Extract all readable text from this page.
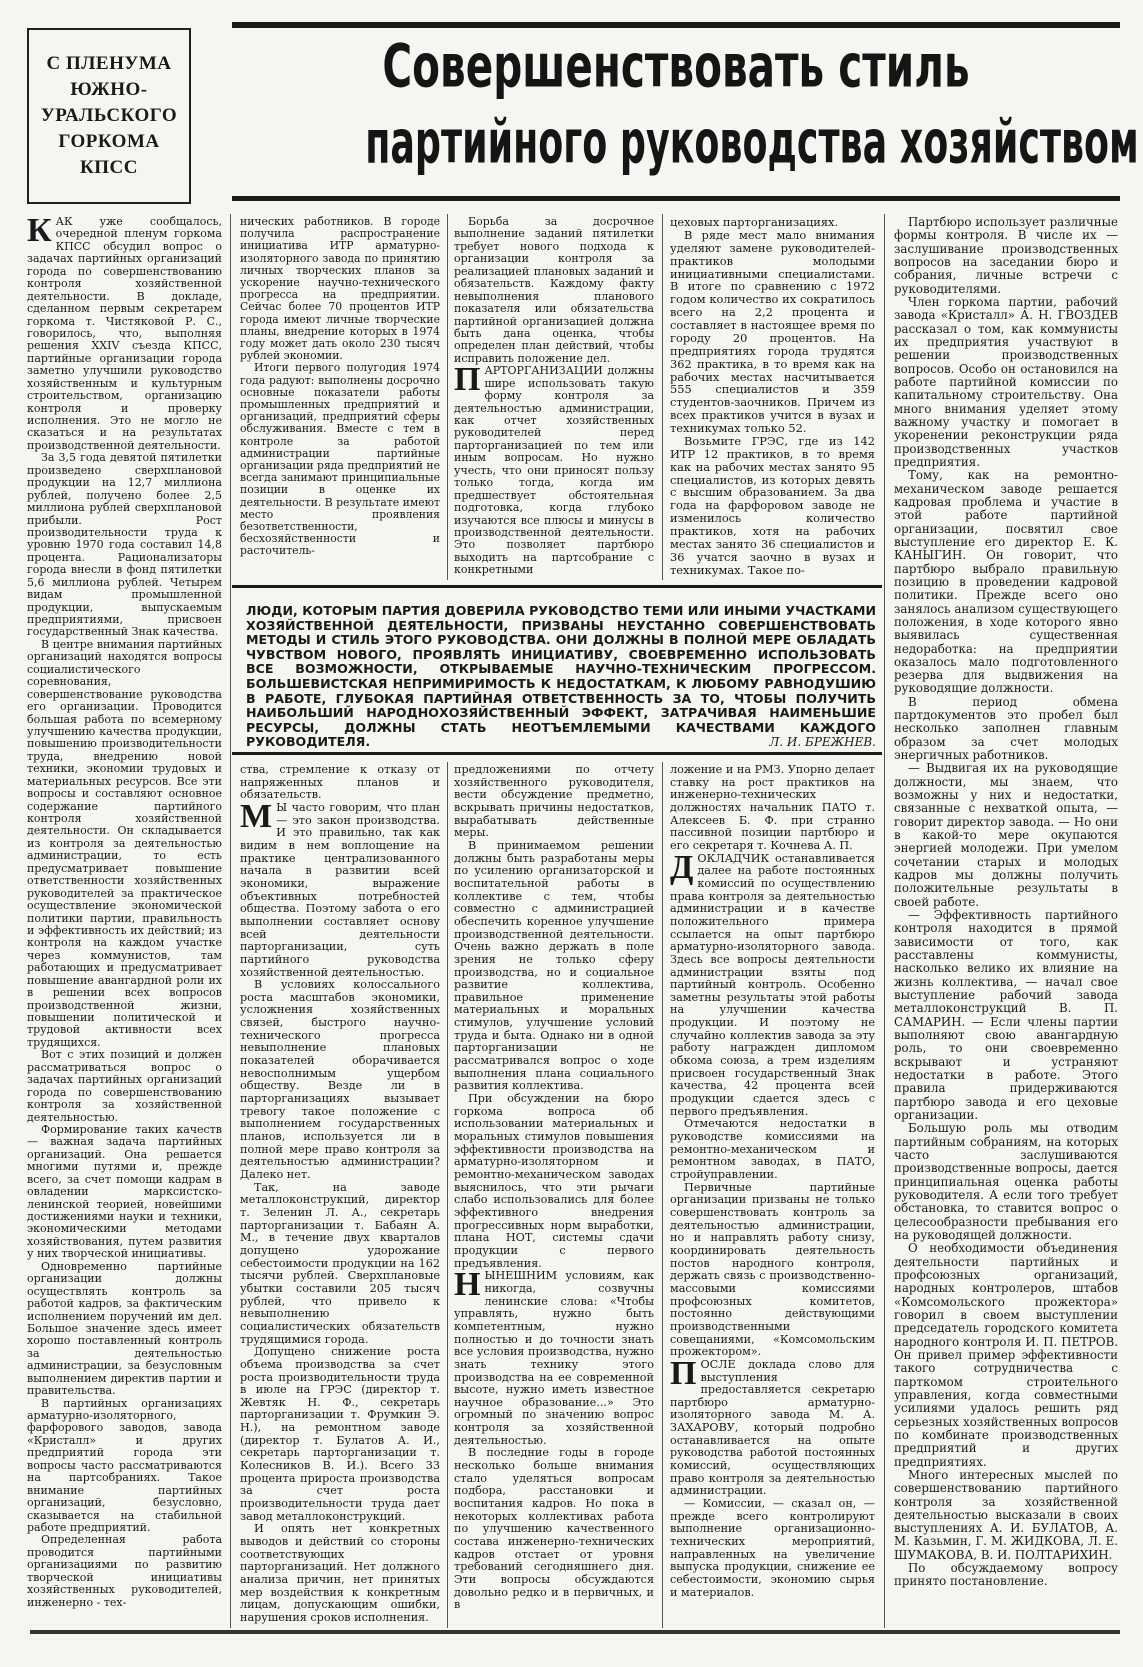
С ПЛЕНУМА
ЮЖНО-
УРАЛЬСКОГО
ГОРКОМА
КПСС
Совершенствовать стиль
партийного руководства хозяйством

КАК уже сообщалось, очередной пленум горкома КПСС обсудил вопрос о задачах партийных организаций города по совершенствованию контроля хозяйственной деятельности. В докладе, сделанном первым секретарем горкома т. Чистяковой Р. С., говорилось, что, выполняя решения XXIV съезда КПСС, партийные организации города заметно улучшили руководство хозяйственным и культурным строительством, организацию контроля и проверку исполнения. Это не могло не сказаться и на результатах производственной деятельности.

За 3,5 года девятой пятилетки произведено сверхплановой продукции на 12,7 миллиона рублей, получено более 2,5 миллиона рублей сверхплановой прибыли. Рост производительности труда к уровню 1970 года составил 14,8 процента. Рационализаторы города внесли в фонд пятилетки 5,6 миллиона рублей. Четырем видам промышленной продукции, выпускаемым предприятиями, присвоен государственный Знак качества.

В центре внимания партийных организаций находятся вопросы социалистического соревнования, совершенствование руководства его организации. Проводится большая работа по всемерному улучшению качества продукции, повышению производительности труда, внедрению новой техники, экономии трудовых и материальных ресурсов. Все эти вопросы и составляют основное содержание партийного контроля хозяйственной деятельности. Он складывается из контроля за деятельностью администрации, то есть предусматривает повышение ответственности хозяйственных руководителей за практическое осуществление экономической политики партии, правильность и эффективность их действий; из контроля на каждом участке через коммунистов, там работающих и предусматривает повышение авангардной роли их в решении всех вопросов производственной жизни, повышении политической и трудовой активности всех трудящихся.

Вот с этих позиций и должен рассматриваться вопрос о задачах партийных организаций города по совершенствованию контроля за хозяйственной деятельностью.

Формирование таких качеств — важная задача партийных организаций. Она решается многими путями и, прежде всего, за счет помощи кадрам в овладении марксистско-ленинской теорией, новейшими достижениями науки и техники, экономическими методами хозяйствования, путем развития у них творческой инициативы.

Одновременно партийные организации должны осуществлять контроль за работой кадров, за фактическим исполнением поручений им дел. Большое значение здесь имеет хорошо поставленный контроль за деятельностью администрации, за безусловным выполнением директив партии и правительства.

В партийных организациях арматурно-изоляторного, фарфорового заводов, завода «Кристалл» и других предприятий города эти вопросы часто рассматриваются на партсобраниях. Такое внимание партийных организаций, безусловно, сказывается на стабильной работе предприятий.

Определенная работа проводится партийными организациями по развитию творческой инициативы хозяйственных руководителей, инженерно - тех-

нических работников. В городе получила распространение инициатива ИТР арматурно-изоляторного завода по принятию личных творческих планов за ускорение научно-технического прогресса на предприятии. Сейчас более 70 процентов ИТР города имеют личные творческие планы, внедрение которых в 1974 году может дать около 230 тысяч рублей экономии.

Итоги первого полугодия 1974 года радуют: выполнены досрочно основные показатели работы промышленных предприятий и организаций, предприятий сферы обслуживания. Вместе с тем в контроле за работой администрации партийные организации ряда предприятий не всегда занимают принципиальные позиции в оценке их деятельности. В результате имеют место проявления безответственности, бесхозяйственности и расточитель-

Борьба за досрочное выполнение заданий пятилетки требует нового подхода к организации контроля за реализацией плановых заданий и обязательств. Каждому факту невыполнения планового показателя или обязательства партийной организацией должна быть дана оценка, чтобы определен план действий, чтобы исправить положение дел.

ПАРТОРГАНИЗАЦИИ должны шире использовать такую форму контроля за деятельностью администрации, как отчет хозяйственных руководителей перед парторганизацией по тем или иным вопросам. Но нужно учесть, что они приносят пользу только тогда, когда им предшествует обстоятельная подготовка, когда глубоко изучаются все плюсы и минусы в производственной деятельности. Это позволяет партбюро выходить на партсобрание с конкретными

цеховых парторганизациях.

В ряде мест мало внимания уделяют замене руководителей-практиков молодыми инициативными специалистами. В итоге по сравнению с 1972 годом количество их сократилось всего на 2,2 процента и составляет в настоящее время по городу 20 процентов. На предприятиях города трудятся 362 практика, в то время как на рабочих местах насчитывается 555 специалистов и 359 студентов-заочников. Причем из всех практиков учится в вузах и техникумах только 52.

Возьмите ГРЭС, где из 142 ИТР 12 практиков, в то время как на рабочих местах занято 95 специалистов, из которых девять с высшим образованием. За два года на фарфоровом заводе не изменилось количество практиков, хотя на рабочих местах занято 36 специалистов и 36 учатся заочно в вузах и техникумах. Такое по-

Партбюро использует различные формы контроля. В числе их — заслушивание производственных вопросов на заседании бюро и собрания, личные встречи с руководителями.

Член горкома партии, рабочий завода «Кристалл» А. Н. ГВОЗДЕВ рассказал о том, как коммунисты их предприятия участвуют в решении производственных вопросов. Особо он остановился на работе партийной комиссии по капитальному строительству. Она много внимания уделяет этому важному участку и помогает в укоренении реконструкции ряда производственных участков предприятия.

Тому, как на ремонтно-механическом заводе решается кадровая проблема и участие в этой работе партийной организации, посвятил свое выступление его директор Е. К. КАНЫГИН. Он говорит, что партбюро выбрало правильную позицию в проведении кадровой политики. Прежде всего оно занялось анализом существующего положения, в ходе которого явно выявилась существенная недоработка: на предприятии оказалось мало подготовленного резерва для выдвижения на руководящие должности.

В период обмена партдокументов это пробел был несколько заполнен главным образом за счет молодых энергичных работников.

— Выдвигая их на руководящие должности, мы знаем, что возможны у них и недостатки, связанные с нехваткой опыта, — говорит директор завода. — Но они в какой-то мере окупаются энергией молодежи. При умелом сочетании старых и молодых кадров мы должны получить положительные результаты в своей работе.

— Эффективность партийного контроля находится в прямой зависимости от того, как расставлены коммунисты, насколько велико их влияние на жизнь коллектива, — начал свое выступление рабочий завода металлоконструкций В. П. САМАРИН. — Если члены партии выполняют свою авангардную роль, то они своевременно вскрывают и устраняют недостатки в работе. Этого правила придерживаются партбюро завода и его цеховые организации.

Большую роль мы отводим партийным собраниям, на которых часто заслушиваются производственные вопросы, дается принципиальная оценка работы руководителя. А если того требует обстановка, то ставится вопрос о целесообразности пребывания его на руководящей должности.

О необходимости объединения деятельности партийных и профсоюзных организаций, народных контролеров, штабов «Комсомольского прожектора» говорил в своем выступлении председатель городского комитета народного контроля И. П. ПЕТРОВ. Он привел пример эффективности такого сотрудничества с парткомом строительного управления, когда совместными усилиями удалось решить ряд серьезных хозяйственных вопросов по комбинате производственных предприятий и других предприятиях.

Много интересных мыслей по совершенствованию партийного контроля за хозяйственной деятельностью высказали в своих выступлениях А. И. БУЛАТОВ, А. М. Казьмин, Г. М. ЖИДКОВА, Л. Е. ШУМАКОВА, В. И. ПОЛТАРИХИН.

По обсуждаемому вопросу принято постановление.

ЛЮДИ, КОТОРЫМ ПАРТИЯ ДОВЕРИЛА РУКОВОДСТВО ТЕМИ ИЛИ ИНЫМИ УЧАСТКАМИ ХОЗЯЙСТВЕННОЙ ДЕЯТЕЛЬНОСТИ, ПРИЗВАНЫ НЕУСТАННО СОВЕРШЕНСТВОВАТЬ МЕТОДЫ И СТИЛЬ ЭТОГО РУКОВОДСТВА. ОНИ ДОЛЖНЫ В ПОЛНОЙ МЕРЕ ОБЛАДАТЬ ЧУВСТВОМ НОВОГО, ПРОЯВЛЯТЬ ИНИЦИАТИВУ, СВОЕВРЕМЕННО ИСПОЛЬЗОВАТЬ ВСЕ ВОЗМОЖНОСТИ, ОТКРЫВАЕМЫЕ НАУЧНО-ТЕХНИЧЕСКИМ ПРОГРЕССОМ. БОЛЬШЕВИСТСКАЯ НЕПРИМИРИМОСТЬ К НЕДОСТАТКАМ, К ЛЮБОМУ РАВНОДУШИЮ В РАБОТЕ, ГЛУБОКАЯ ПАРТИЙНАЯ ОТВЕТСТВЕННОСТЬ ЗА ТО, ЧТОБЫ ПОЛУЧИТЬ НАИБОЛЬШИЙ НАРОДНОХОЗЯЙСТВЕННЫЙ ЭФФЕКТ, ЗАТРАЧИВАЯ НАИМЕНЬШИЕ РЕСУРСЫ, ДОЛЖНЫ СТАТЬ НЕОТЪЕМЛЕМЫМИ КАЧЕСТВАМИ КАЖДОГО РУКОВОДИТЕЛЯ.	Л. И. БРЕЖНЕВ.

ства, стремление к отказу от напряженных планов и обязательств.

М Ы часто говорим, что план — это закон производства. И это правильно, так как видим в нем воплощение на практике централизованного начала в развитии всей экономики, выражение объективных потребностей общества. Поэтому забота о его выполнении составляет основу всей деятельности парторганизации, суть партийного руководства хозяйственной деятельностью.

В условиях колоссального роста масштабов экономики, усложнения хозяйственных связей, быстрого научно-технического прогресса невыполнение плановых показателей оборачивается невосполнимым ущербом обществу. Везде ли в парторганизациях вызывает тревогу такое положение с выполнением государственных планов, используется ли в полной мере право контроля за деятельностью администрации? Далеко нет.

Так, на заводе металлоконструкций, директор т. Зеленин Л. А., секретарь парторганизации т. Бабаян А. М., в течение двух кварталов допущено удорожание себестоимости продукции на 162 тысячи рублей. Сверхплановые убытки составили 205 тысяч рублей, что привело к невыполнению социалистических обязательств трудящимися города.

Допущено снижение роста объема производства за счет роста производительности труда в июле на ГРЭС (директор т. Жевтяк Н. Ф., секретарь парторганизации т. Фрумкин Э. Н.), на ремонтном заводе (директор т. Булатов А. И., секретарь парторганизации т. Колесников В. И.). Всего 33 процента прироста производства за счет роста производительности труда дает завод металлоконструкций.

И опять нет конкретных выводов и действий со стороны соответствующих парторганизаций. Нет должного анализа причин, нет принятых мер воздействия к конкретным лицам, допускающим ошибки, нарушения сроков исполнения.

предложениями по отчету хозяйственного руководителя, вести обсуждение предметно, вскрывать причины недостатков, вырабатывать действенные меры.

В принимаемом решении должны быть разработаны меры по усилению организаторской и воспитательной работы в коллективе с тем, чтобы совместно с администрацией обеспечить коренное улучшение производственной деятельности. Очень важно держать в поле зрения не только сферу производства, но и социальное развитие коллектива, правильное применение материальных и моральных стимулов, улучшение условий труда и быта. Однако ни в одной парторганизации не рассматривался вопрос о ходе выполнения плана социального развития коллектива.

При обсуждении на бюро горкома вопроса об использовании материальных и моральных стимулов повышения эффективности производства на арматурно-изоляторном и ремонтно-механическом заводах выяснилось, что эти рычаги слабо использовались для более эффективного внедрения прогрессивных норм выработки, плана НОТ, системы сдачи продукции с первого предъявления.

НЫНЕШНИМ условиям, как никогда, созвучны ленинские слова: «Чтобы управлять, нужно быть компетентным, нужно полностью и до точности знать все условия производства, нужно знать технику этого производства на ее современной высоте, нужно иметь известное научное образование...» Это огромный по значению вопрос контроля за хозяйственной деятельностью.

В последние годы в городе несколько больше внимания стало уделяться вопросам подбора, расстановки и воспитания кадров. Но пока в некоторых коллективах работа по улучшению качественного состава инженерно-технических кадров отстает от уровня требований сегодняшнего дня. Эти вопросы обсуждаются довольно редко и в первичных, и в

ложение и на РМЗ. Упорно делает ставку на рост практиков на инженерно-технических должностях начальник ПАТО т. Алексеев Б. Ф. при странно пассивной позиции партбюро и его секретаря т. Кочнева А. П.

ДОКЛАДЧИК останавливается далее на работе постоянных комиссий по осуществлению права контроля за деятельностью администрации и в качестве положительного примера ссылается на опыт партбюро арматурно-изоляторного завода. Здесь все вопросы деятельности администрации взяты под партийный контроль. Особенно заметны результаты этой работы на улучшении качества продукции. И поэтому не случайно коллектив завода за эту работу награжден дипломом обкома союза, а трем изделиям присвоен государственный Знак качества, 42 процента всей продукции сдается здесь с первого предъявления.

Отмечаются недостатки в руководстве комиссиями на ремонтно-механическом и ремонтном заводах, в ПАТО, стройуправлении.

Первичные партийные организации призваны не только совершенствовать контроль за деятельностью администрации, но и направлять работу снизу, координировать деятельность постов народного контроля, держать связь с производственно-массовыми комиссиями профсоюзных комитетов, постоянно действующими производственными совещаниями, «Комсомольским прожектором».

ПОСЛЕ доклада слово для выступления предоставляется секретарю партбюро арматурно-изоляторного завода М. А. ЗАХАРОВУ, который подробно останавливается на опыте руководства работой постоянных комиссий, осуществляющих право контроля за деятельностью администрации.

— Комиссии, — сказал он, — прежде всего контролируют выполнение организационно-технических мероприятий, направленных на увеличение выпуска продукции, снижение ее себестоимости, экономию сырья и материалов.
